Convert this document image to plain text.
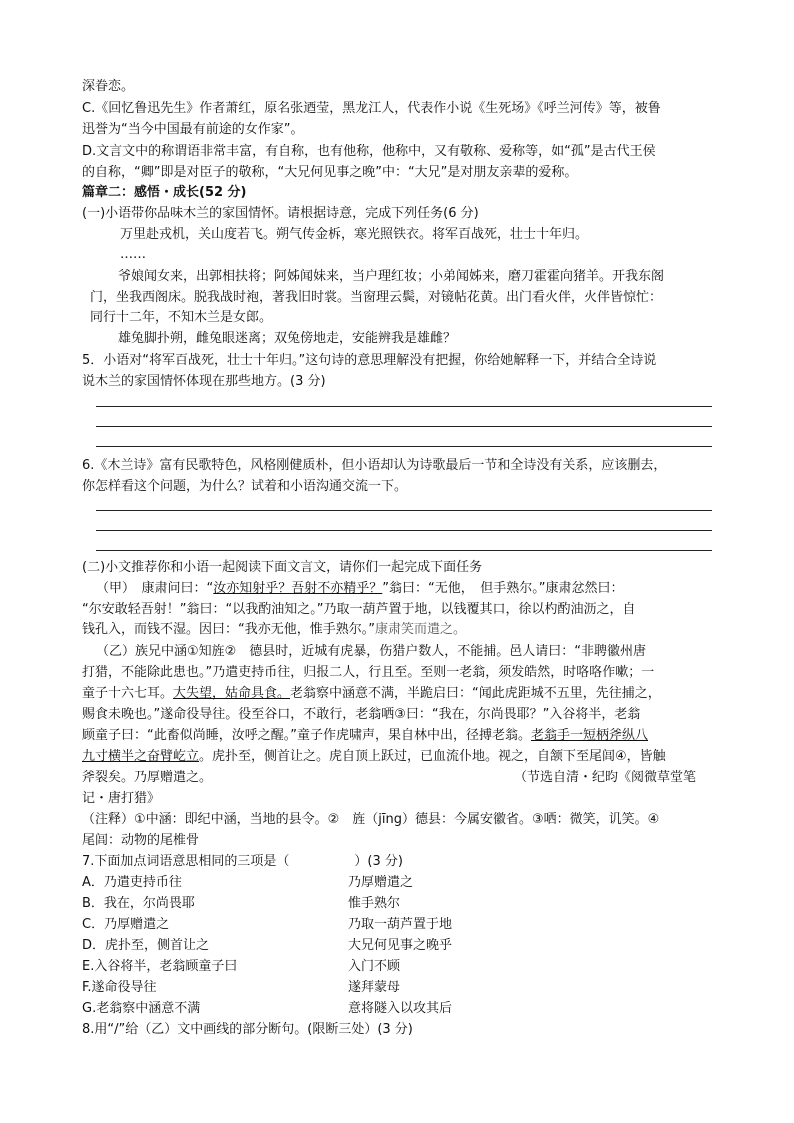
深眷恋。
C.《回忆鲁迅先生》作者萧红，原名张迺莹，黑龙江人，代表作小说《生死场》《呼兰河传》等，被鲁
迅誉为“当今中国最有前途的女作家”。
D.文言文中的称谓语非常丰富，有自称，也有他称，他称中，又有敬称、爱称等，如“孤”是古代王侯
的自称，“卿”即是对臣子的敬称，“大兄何见事之晚”中：“大兄”是对朋友亲辈的爱称。
篇章二：感悟・成长(52 分)
(一)小语带你品味木兰的家国情怀。请根据诗意，完成下列任务(6 分)
万里赴戎机，关山度若飞。朔气传金柝，寒光照铁衣。将军百战死，壮士十年归。
……
爷娘闻女来，出郭相扶将；阿姊闻妹来，当户理红妆；小弟闻姊来，磨刀霍霍向猪羊。开我东阁
门，坐我西阁床。脱我战时袍，著我旧时裳。当窗理云鬓，对镜帖花黄。出门看火伴，火伴皆惊忙：
同行十二年，不知木兰是女郎。
雄兔脚扑朔，雌兔眼迷离；双兔傍地走，安能辨我是雄雌？
5．小语对“将军百战死，壮士十年归。”这句诗的意思理解没有把握，你给她解释一下，并结合全诗说
说木兰的家国情怀体现在那些地方。(3 分)
6.《木兰诗》富有民歌特色，风格刚健质朴，但小语却认为诗歌最后一节和全诗没有关系，应该删去，
你怎样看这个问题，为什么？试着和小语沟通交流一下。
(二)小文推荐你和小语一起阅读下面文言文，请你们一起完成下面任务
（甲）　康肃问曰：“汝亦知射乎？吾射不亦精乎？”翁曰：“无他，　但手熟尔。”康肃忿然曰：
“尔安敢轻吾射！”翁曰：“以我酌油知之。”乃取一葫芦置于地，以钱覆其口，徐以杓酌油沥之，自
钱孔入，而钱不湿。因曰：“我亦无他，惟手熟尔。”康肃笑而遣之。
（乙）族兄中涵①知旌②　德县时，近城有虎暴，伤猎户数人，不能捕。邑人请曰：“非聘徽州唐
打猎，不能除此患也。”乃遣吏持币往，归报二人，行且至。至则一老翁，须发皓然，时咯咯作嗽；一
童子十六七耳。大失望，姑命具食。老翁察中涵意不满，半跪启曰：“闻此虎距城不五里，先往捕之，
赐食未晚也。”遂命役导往。役至谷口，不敢行，老翁哂③曰：“我在，尔尚畏耶？”入谷将半，老翁
顾童子曰：“此畜似尚睡，汝呼之醒。”童子作虎啸声，果自林中出，径搏老翁。老翁手一短柄斧纵八
九寸横半之奋臂屹立。虎扑至，侧首让之。虎自顶上跃过，已血流仆地。视之，自颔下至尾闾④，皆触
斧裂矣。乃厚赠遣之。	（节选自清・纪昀《阅微草堂笔
记・唐打猎》
（注释）①中涵：即纪中涵，当地的县令。②　旌（jīng）德县：今属安徽省。③哂：微笑，讥笑。④
尾闾：动物的尾椎骨
7.下面加点词语意思相同的三项是（　　　　　）(3 分)
A．乃遣吏持币往	乃厚赠遣之
B．我在，尔尚畏耶	惟手熟尔
C．乃厚赠遣之	乃取一葫芦置于地
D．虎扑至，侧首让之	大兄何见事之晚乎
E.入谷将半，老翁顾童子曰	入门不顾
F.遂命役导往	遂拜蒙母
G.老翁察中涵意不满	意将隧入以攻其后
8.用“/”给（乙）文中画线的部分断句。(限断三处）(3 分)
